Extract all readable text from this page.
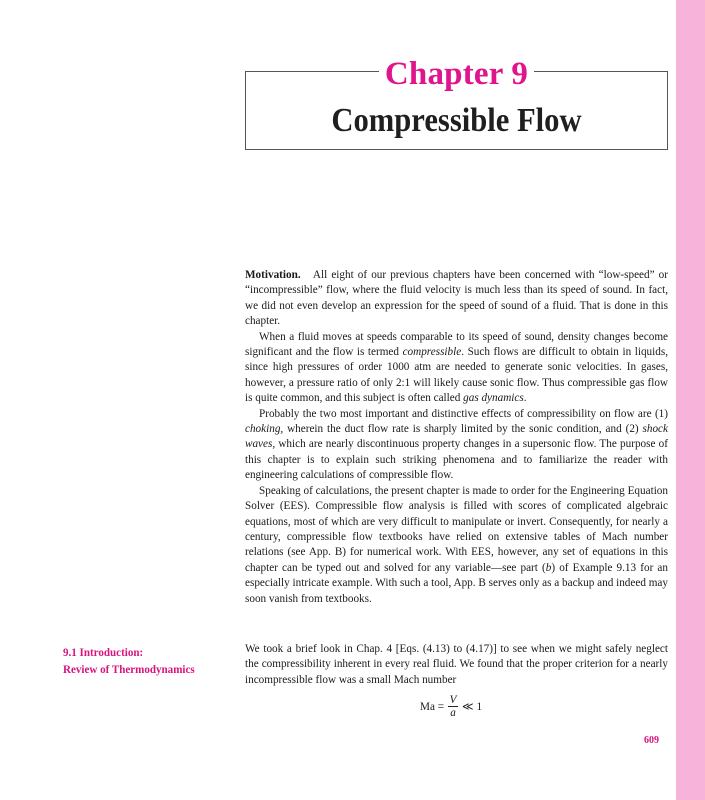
Chapter 9
Compressible Flow

Motivation. All eight of our previous chapters have been concerned with “low-speed” or “incompressible” flow, where the fluid velocity is much less than its speed of sound. In fact, we did not even develop an expression for the speed of sound of a fluid. That is done in this chapter.

When a fluid moves at speeds comparable to its speed of sound, density changes become significant and the flow is termed compressible. Such flows are difficult to obtain in liquids, since high pressures of order 1000 atm are needed to generate sonic velocities. In gases, however, a pressure ratio of only 2:1 will likely cause sonic flow. Thus compressible gas flow is quite common, and this subject is often called gas dynamics.

Probably the two most important and distinctive effects of compressibility on flow are (1) choking, wherein the duct flow rate is sharply limited by the sonic condition, and (2) shock waves, which are nearly discontinuous property changes in a supersonic flow. The purpose of this chapter is to explain such striking phenomena and to familiarize the reader with engineering calculations of compressible flow.

Speaking of calculations, the present chapter is made to order for the Engineering Equation Solver (EES). Compressible flow analysis is filled with scores of complicated algebraic equations, most of which are very difficult to manipulate or invert. Consequently, for nearly a century, compressible flow textbooks have relied on extensive tables of Mach number relations (see App. B) for numerical work. With EES, however, any set of equations in this chapter can be typed out and solved for any variable—see part (b) of Example 9.13 for an especially intricate example. With such a tool, App. B serves only as a backup and indeed may soon vanish from textbooks.

9.1 Introduction:
Review of Thermodynamics

We took a brief look in Chap. 4 [Eqs. (4.13) to (4.17)] to see when we might safely neglect the compressibility inherent in every real fluid. We found that the proper criterion for a nearly incompressible flow was a small Mach number

$Ma = \frac{V}{a}$ ≪ 1
609
